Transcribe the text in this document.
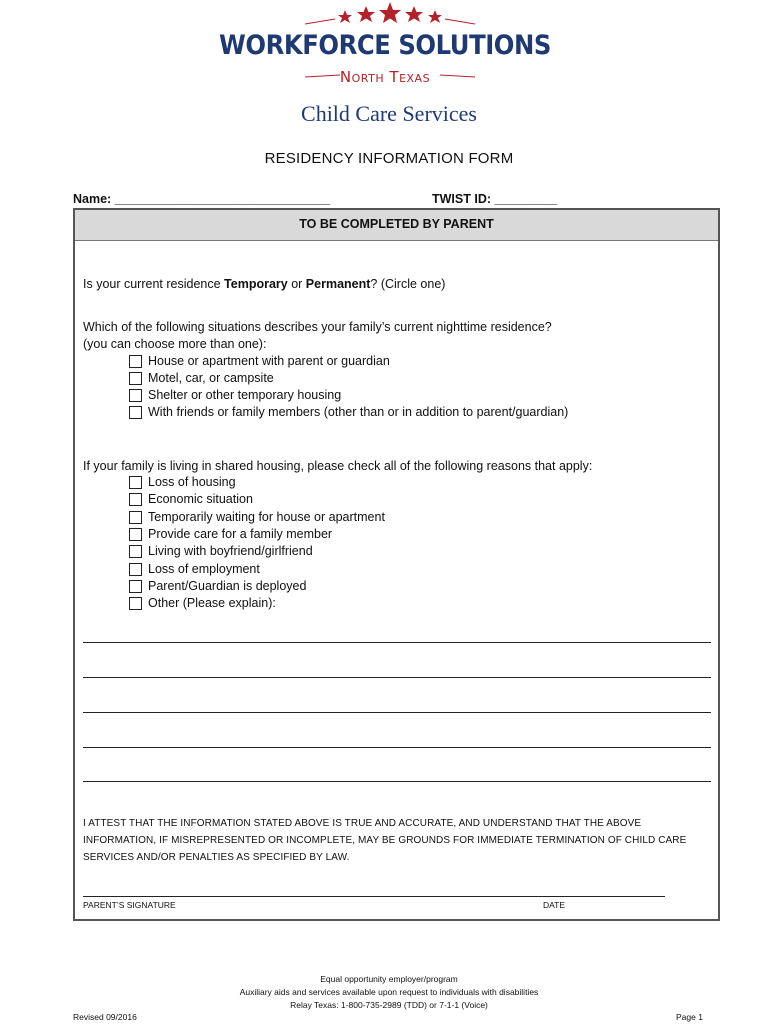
WORKFORCE SOLUTIONS
North Texas
Child Care Services
RESIDENCY INFORMATION FORM
Name: _______________________________	TWIST ID: _________
TO BE COMPLETED BY PARENT
Is your current residence Temporary or Permanent? (Circle one)
Which of the following situations describes your family’s current nighttime residence?
(you can choose more than one):
House or apartment with parent or guardian
Motel, car, or campsite
Shelter or other temporary housing
With friends or family members (other than or in addition to parent/guardian)
If your family is living in shared housing, please check all of the following reasons that apply:
Loss of housing
Economic situation
Temporarily waiting for house or apartment
Provide care for a family member
Living with boyfriend/girlfriend
Loss of employment
Parent/Guardian is deployed
Other (Please explain):
I ATTEST THAT THE INFORMATION STATED ABOVE IS TRUE AND ACCURATE, AND UNDERSTAND THAT THE ABOVE INFORMATION, IF MISREPRESENTED OR INCOMPLETE, MAY BE GROUNDS FOR IMMEDIATE TERMINATION OF CHILD CARE SERVICES AND/OR PENALTIES AS SPECIFIED BY LAW.
PARENT’S SIGNATURE	DATE
Equal opportunity employer/program
Auxiliary aids and services available upon request to individuals with disabilities
Relay Texas: 1-800-735-2989 (TDD) or 7-1-1 (Voice)
Revised 09/2016	Page 1
